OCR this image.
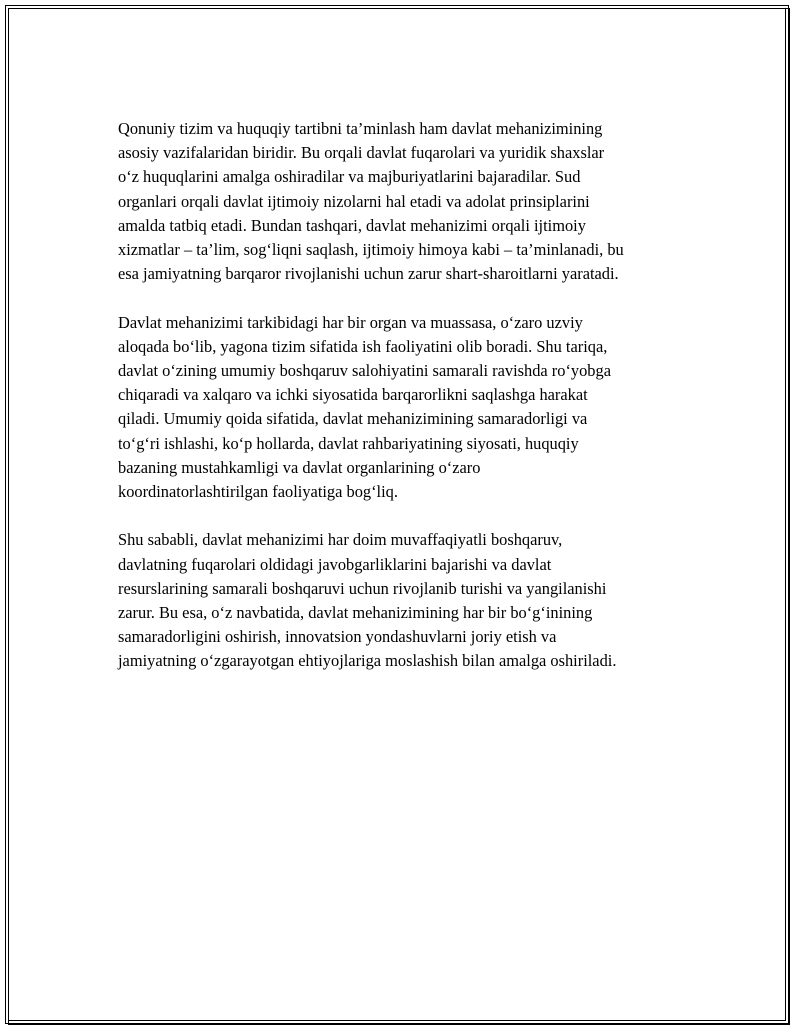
Qonuniy tizim va huquqiy tartibni ta’minlash ham davlat mehanizimining
asosiy vazifalaridan biridir. Bu orqali davlat fuqarolari va yuridik shaxslar
o‘z huquqlarini amalga oshiradilar va majburiyatlarini bajaradilar. Sud
organlari orqali davlat ijtimoiy nizolarni hal etadi va adolat prinsiplarini
amalda tatbiq etadi. Bundan tashqari, davlat mehanizimi orqali ijtimoiy
xizmatlar – ta’lim, sog‘liqni saqlash, ijtimoiy himoya kabi – ta’minlanadi, bu
esa jamiyatning barqaror rivojlanishi uchun zarur shart-sharoitlarni yaratadi.

Davlat mehanizimi tarkibidagi har bir organ va muassasa, o‘zaro uzviy
aloqada bo‘lib, yagona tizim sifatida ish faoliyatini olib boradi. Shu tariqa,
davlat o‘zining umumiy boshqaruv salohiyatini samarali ravishda ro‘yobga
chiqaradi va xalqaro va ichki siyosatida barqarorlikni saqlashga harakat
qiladi. Umumiy qoida sifatida, davlat mehanizimining samaradorligi va
to‘g‘ri ishlashi, ko‘p hollarda, davlat rahbariyatining siyosati, huquqiy
bazaning mustahkamligi va davlat organlarining o‘zaro
koordinatorlashtirilgan faoliyatiga bog‘liq.

Shu sababli, davlat mehanizimi har doim muvaffaqiyatli boshqaruv,
davlatning fuqarolari oldidagi javobgarliklarini bajarishi va davlat
resurslarining samarali boshqaruvi uchun rivojlanib turishi va yangilanishi
zarur. Bu esa, o‘z navbatida, davlat mehanizimining har bir bo‘g‘inining
samaradorligini oshirish, innovatsion yondashuvlarni joriy etish va
jamiyatning o‘zgarayotgan ehtiyojlariga moslashish bilan amalga oshiriladi.
